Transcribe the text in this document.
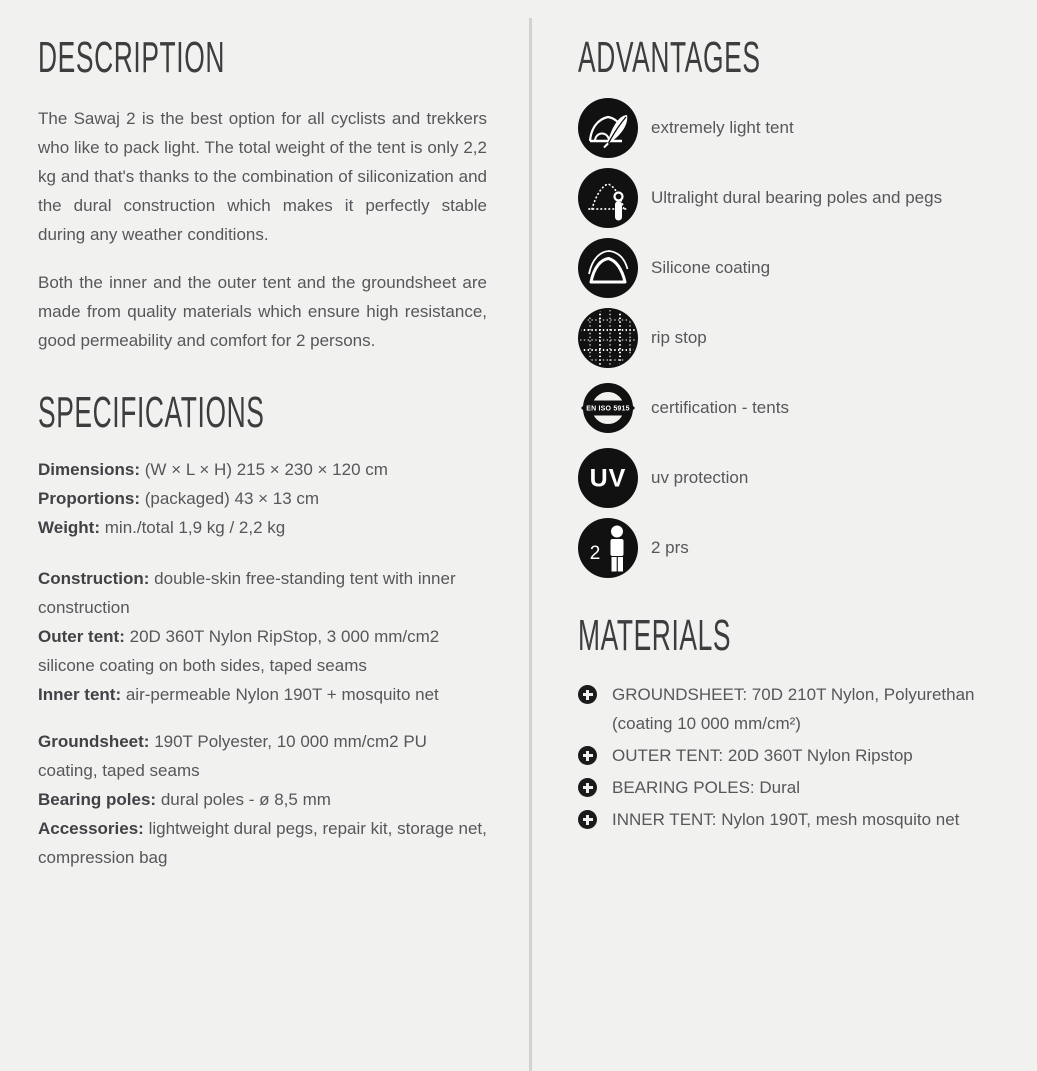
DESCRIPTION

The Sawaj 2 is the best option for all cyclists and trekkers who like to pack light. The total weight of the tent is only 2,2 kg and that's thanks to the combination of siliconization and the dural construction which makes it perfectly stable during any weather conditions.

Both the inner and the outer tent and the groundsheet are made from quality materials which ensure high resistance, good permeability and comfort for 2 persons.

SPECIFICATIONS
Dimensions: (W × L × H) 215 × 230 × 120 cm
Proportions: (packaged) 43 × 13 cm
Weight: min./total 1,9 kg / 2,2 kg
Construction: double-skin free-standing tent with inner construction
Outer tent: 20D 360T Nylon RipStop, 3 000 mm/cm2 silicone coating on both sides, taped seams
Inner tent: air-permeable Nylon 190T + mosquito net
Groundsheet: 190T Polyester, 10 000 mm/cm2 PU coating, taped seams
Bearing poles: dural poles - ø 8,5 mm
Accessories: lightweight dural pegs, repair kit, storage net, compression bag
ADVANTAGES
extremely light tent
Ultralight dural bearing poles and pegs
Silicone coating
rip stop
EN ISO 5915 certification - tents
UV uv protection
2	2 prs
MATERIALS
GROUNDSHEET: 70D 210T Nylon, Polyurethan (coating 10 000 mm/cm²)
OUTER TENT: 20D 360T Nylon Ripstop
BEARING POLES: Dural
INNER TENT: Nylon 190T, mesh mosquito net
